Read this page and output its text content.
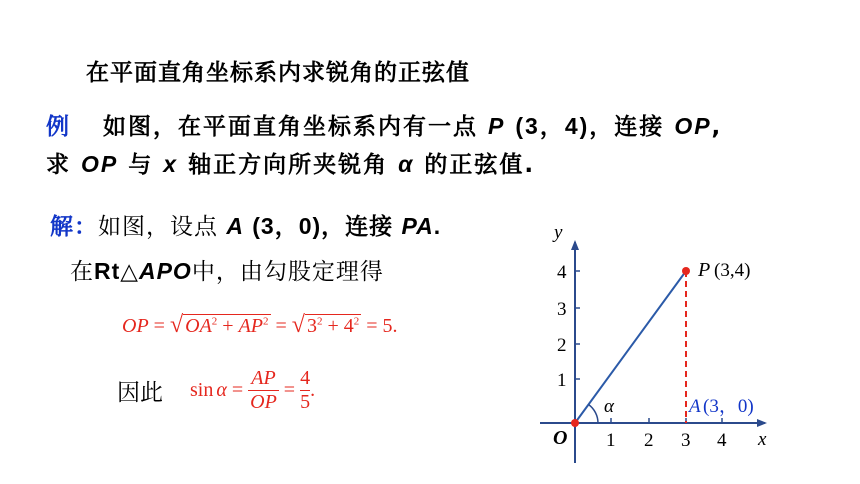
在平面直角坐标系内求锐角的正弦值
例 如图，在平面直角坐标系内有一点 P (3，4)，连接 OP,
求 OP 与 x 轴正方向所夹锐角 α 的正弦值.
解：如图，设点 A (3，0)，连接 PA.
在Rt△APO中，由勾股定理得
OP = √ $OA^2 + AP^2$ = √ $3^2 + 4^2 = 5$.
因此 sin α =
AP
OP
=
4
5
.
y
x
O 1 2 3 4
1
2
3
4	P (3,4)
α	A (3，0)
